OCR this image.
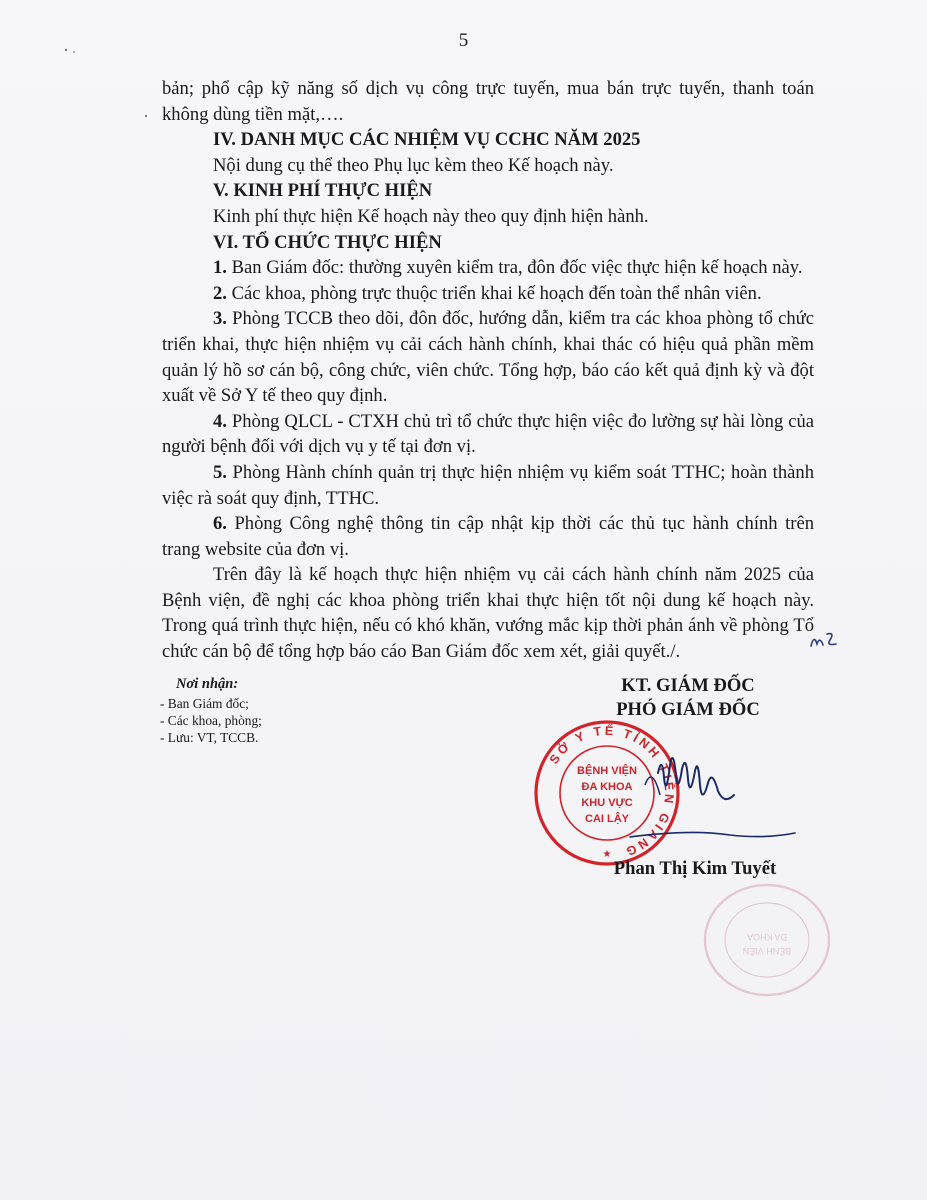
5

bản; phổ cập kỹ năng số dịch vụ công trực tuyến, mua bán trực tuyến, thanh toán không dùng tiền mặt,….

IV. DANH MỤC CÁC NHIỆM VỤ CCHC NĂM 2025

Nội dung cụ thể theo Phụ lục kèm theo Kế hoạch này.

V. KINH PHÍ THỰC HIỆN

Kinh phí thực hiện Kế hoạch này theo quy định hiện hành.

VI. TỔ CHỨC THỰC HIỆN

1. Ban Giám đốc: thường xuyên kiểm tra, đôn đốc việc thực hiện kế hoạch này.

2. Các khoa, phòng trực thuộc triển khai kế hoạch đến toàn thể nhân viên.

3. Phòng TCCB theo dõi, đôn đốc, hướng dẫn, kiểm tra các khoa phòng tổ chức triển khai, thực hiện nhiệm vụ cải cách hành chính, khai thác có hiệu quả phần mềm quản lý hồ sơ cán bộ, công chức, viên chức. Tổng hợp, báo cáo kết quả định kỳ và đột xuất về Sở Y tế theo quy định.

4. Phòng QLCL - CTXH chủ trì tổ chức thực hiện việc đo lường sự hài lòng của người bệnh đối với dịch vụ y tế tại đơn vị.

5. Phòng Hành chính quản trị thực hiện nhiệm vụ kiểm soát TTHC; hoàn thành việc rà soát quy định, TTHC.

6. Phòng Công nghệ thông tin cập nhật kịp thời các thủ tục hành chính trên trang website của đơn vị.

Trên đây là kế hoạch thực hiện nhiệm vụ cải cách hành chính năm 2025 của Bệnh viện, đề nghị các khoa phòng triển khai thực hiện tốt nội dung kế hoạch này. Trong quá trình thực hiện, nếu có khó khăn, vướng mắc kịp thời phản ánh về phòng Tổ chức cán bộ để tổng hợp báo cáo Ban Giám đốc xem xét, giải quyết./.

Nơi nhận:
- Ban Giám đốc;
- Các khoa, phòng;
- Lưu: VT, TCCB.
KT. GIÁM ĐỐC
PHÓ GIÁM ĐỐC
SỞ Y TẾ TỈNH TIỀN GIANG
BỆNH VIỆN
ĐA KHOA
KHU VỰC
CAI LẬY
★
Phan Thị Kim Tuyết
BỆNH VIỆN
ĐA KHOA
